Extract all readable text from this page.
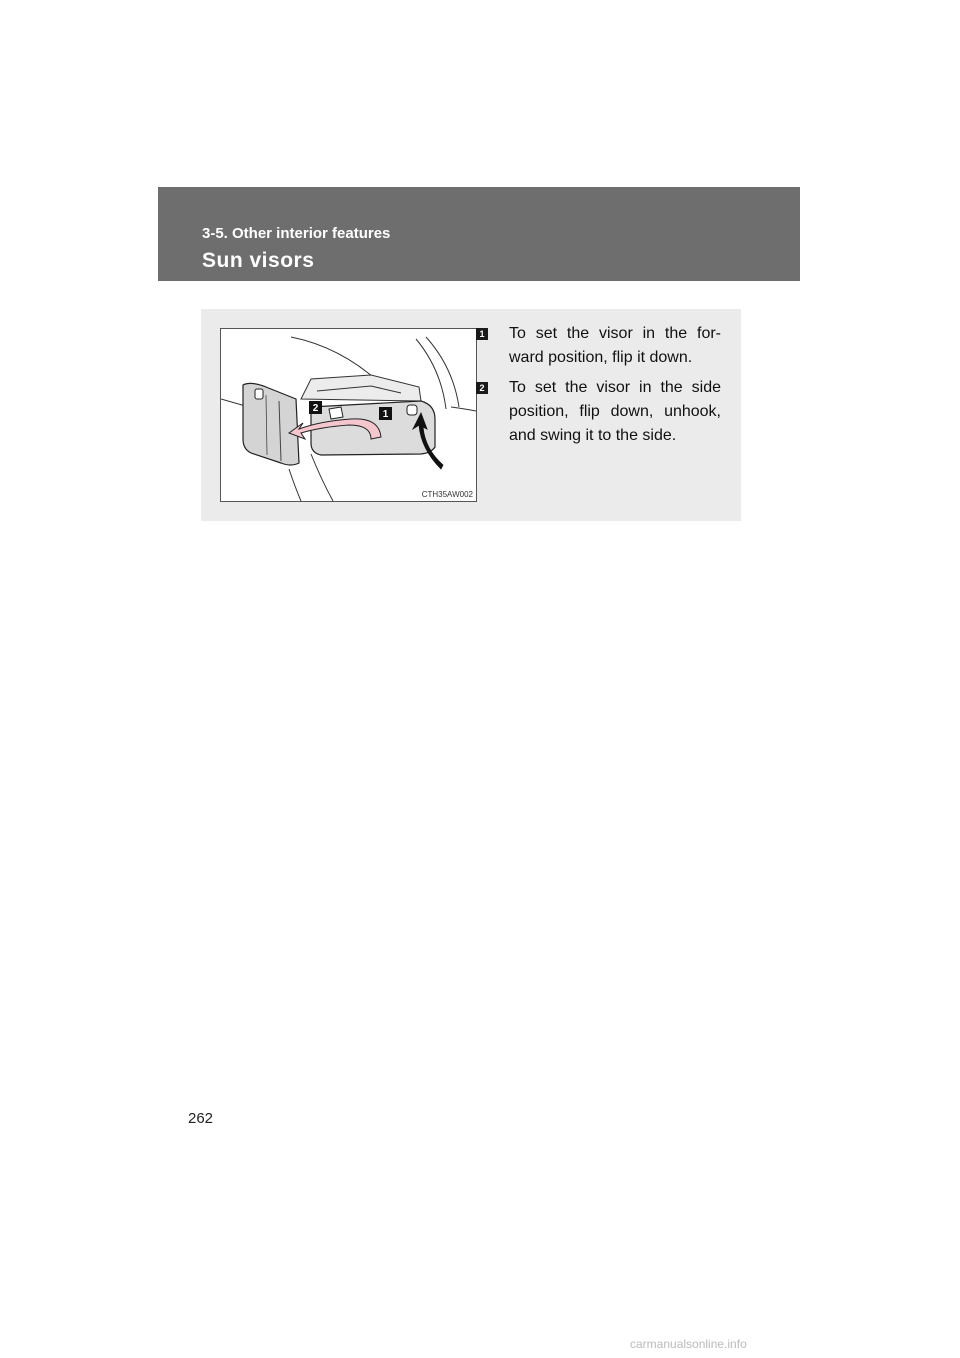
3-5. Other interior features
Sun visors
2
1
CTH35AW002
1 To set the visor in the for-ward position, flip it down.
2 To set the visor in the side position, flip down, unhook, and swing it to the side.
262
carmanualsonline.info
